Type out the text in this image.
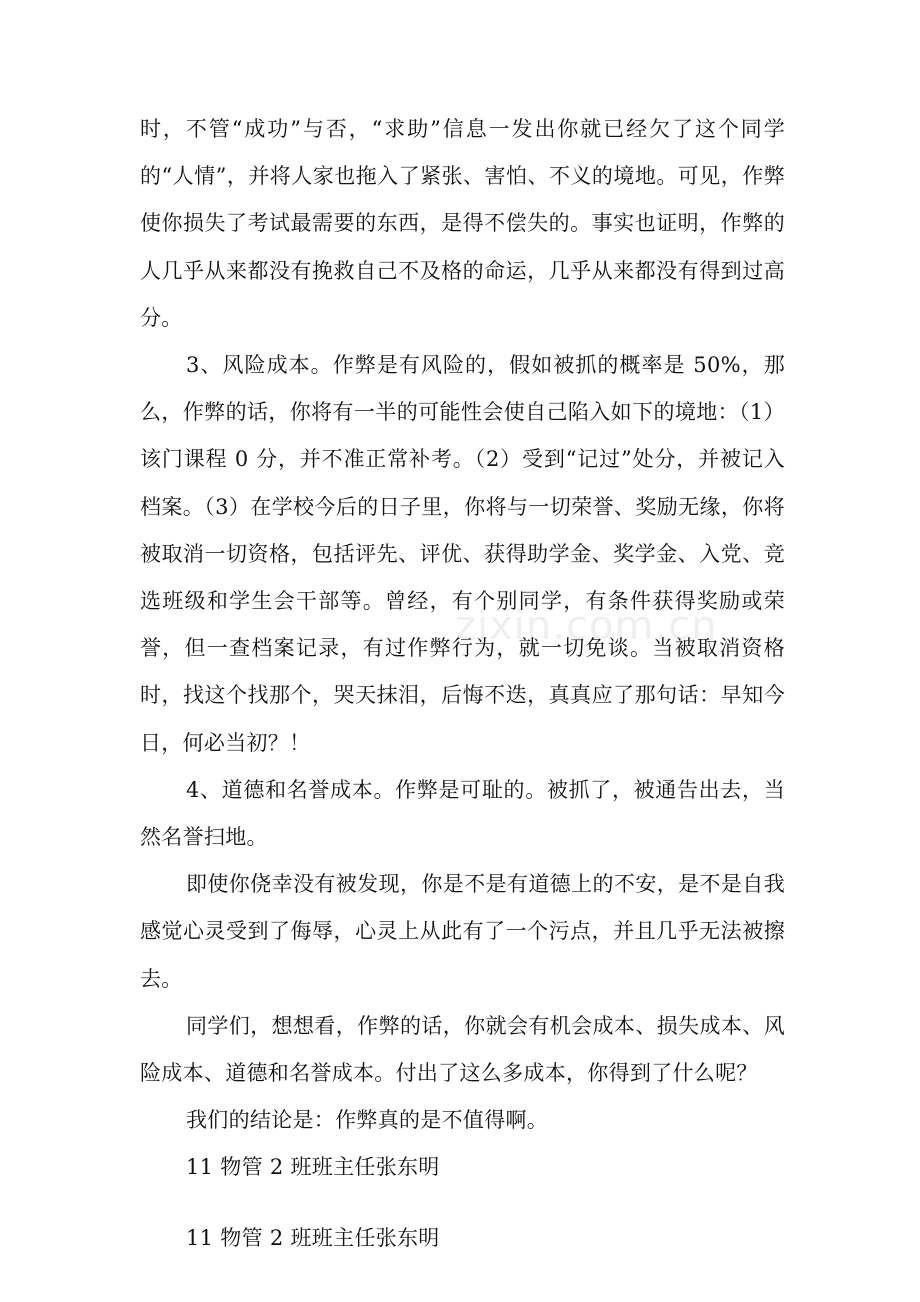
时，不管“成功”与否，“求助”信息一发出你就已经欠了这个同学的“人情”，并将人家也拖入了紧张、害怕、不义的境地。可见，作弊使你损失了考试最需要的东西，是得不偿失的。事实也证明，作弊的人几乎从来都没有挽救自己不及格的命运，几乎从来都没有得到过高分。

3、风险成本。作弊是有风险的，假如被抓的概率是 50%，那么，作弊的话，你将有一半的可能性会使自己陷入如下的境地：（1）该门课程 0 分，并不准正常补考。（2）受到“记过”处分，并被记入档案。（3）在学校今后的日子里，你将与一切荣誉、奖励无缘，你将被取消一切资格，包括评先、评优、获得助学金、奖学金、入党、竞选班级和学生会干部等。曾经，有个别同学，有条件获得奖励或荣誉，但一查档案记录，有过作弊行为，就一切免谈。当被取消资格时，找这个找那个，哭天抹泪，后悔不迭，真真应了那句话：早知今日，何必当初？！

4、道德和名誉成本。作弊是可耻的。被抓了，被通告出去，当然名誉扫地。

即使你侥幸没有被发现，你是不是有道德上的不安，是不是自我感觉心灵受到了侮辱，心灵上从此有了一个污点，并且几乎无法被擦去。

同学们，想想看，作弊的话，你就会有机会成本、损失成本、风险成本、道德和名誉成本。付出了这么多成本，你得到了什么呢？

我们的结论是：作弊真的是不值得啊。

11 物管 2 班班主任张东明

zixin.com.cn
11 物管 2 班班主任张东明
